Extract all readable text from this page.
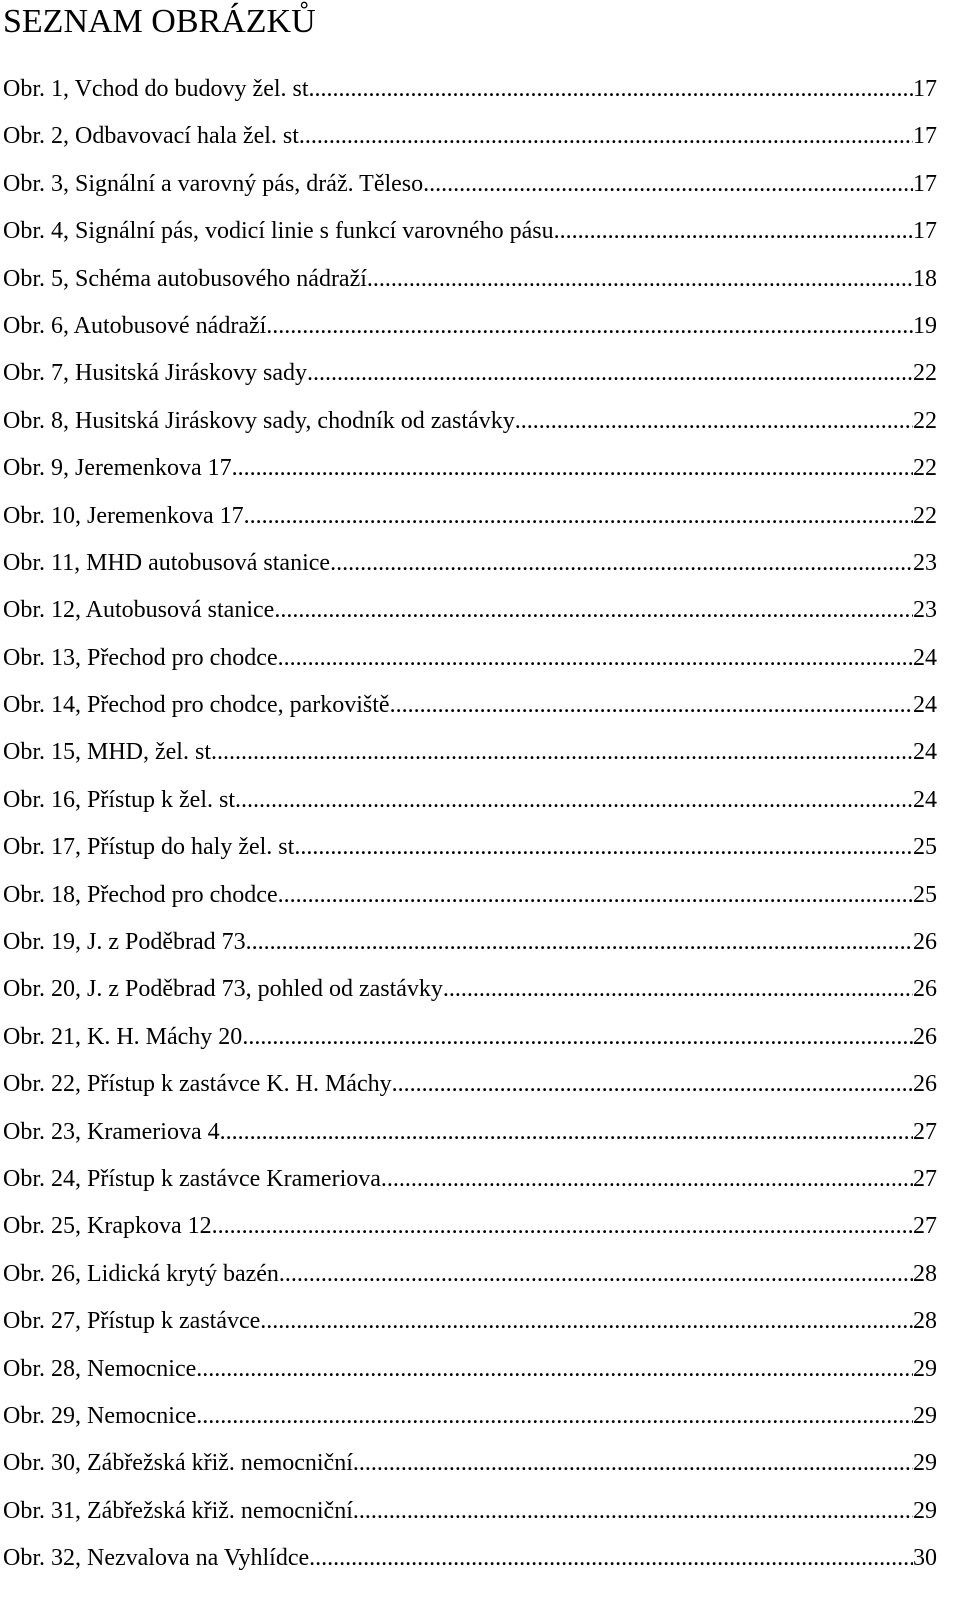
SEZNAM OBRÁZKŮ
Obr. 1, Vchod do budovy žel. st. .....	17
Obr. 2, Odbavovací hala žel. st. .....	17
Obr. 3, Signální a varovný pás, dráž. Těleso .....	17
Obr. 4, Signální pás, vodicí linie s funkcí varovného pásu .....	17
Obr. 5, Schéma autobusového nádraží .....	18
Obr. 6, Autobusové nádraží .....	19
Obr. 7, Husitská Jiráskovy sady .....	22
Obr. 8, Husitská Jiráskovy sady, chodník od zastávky .....	22
Obr. 9, Jeremenkova 17 .....	22
Obr. 10, Jeremenkova 17 .....	22
Obr. 11, MHD autobusová stanice .....	23
Obr. 12, Autobusová stanice .....	23
Obr. 13, Přechod pro chodce .....	24
Obr. 14, Přechod pro chodce, parkoviště .....	24
Obr. 15, MHD, žel. st. .....	24
Obr. 16, Přístup k žel. st. .....	24
Obr. 17, Přístup do haly žel. st. .....	25
Obr. 18, Přechod pro chodce .....	25
Obr. 19, J. z Poděbrad 73 .....	26
Obr. 20, J. z Poděbrad 73, pohled od zastávky .....	26
Obr. 21, K. H. Máchy 20 .....	26
Obr. 22, Přístup k zastávce K. H. Máchy .....	26
Obr. 23, Krameriova 4 .....	27
Obr. 24, Přístup k zastávce Krameriova .....	27
Obr. 25, Krapkova 12 .....	27
Obr. 26, Lidická krytý bazén .....	28
Obr. 27, Přístup k zastávce .....	28
Obr. 28, Nemocnice .....	29
Obr. 29, Nemocnice .....	29
Obr. 30, Zábřežská křiž. nemocniční .....	29
Obr. 31, Zábřežská křiž. nemocniční .....	29
Obr. 32, Nezvalova na Vyhlídce .....	30
